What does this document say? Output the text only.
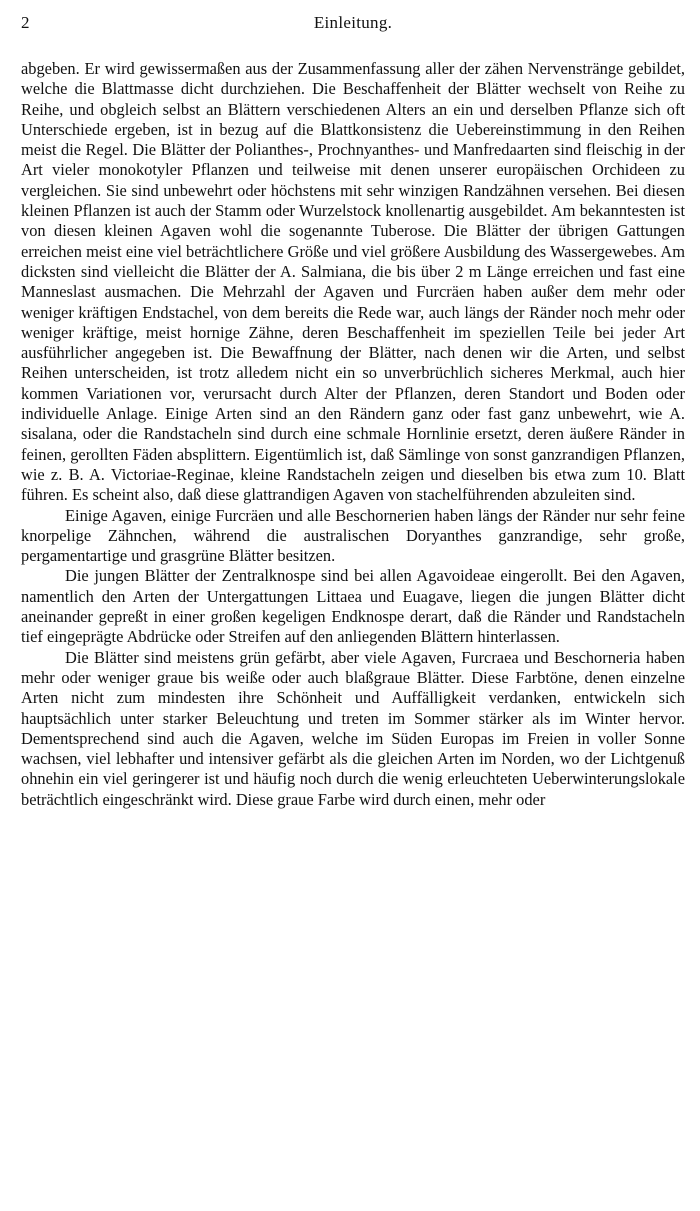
2	Einleitung.

abgeben. Er wird gewissermaßen aus der Zusammenfassung aller der zähen Nervenstränge gebildet, welche die Blattmasse dicht durchziehen. Die Beschaffenheit der Blätter wechselt von Reihe zu Reihe, und obgleich selbst an Blättern verschiedenen Alters an ein und derselben Pflanze sich oft Unterschiede ergeben, ist in bezug auf die Blattkonsistenz die Uebereinstimmung in den Reihen meist die Regel. Die Blätter der Polianthes-, Prochnyanthes- und Manfredaarten sind fleischig in der Art vieler monokotyler Pflanzen und teilweise mit denen unserer europäischen Orchideen zu vergleichen. Sie sind unbewehrt oder höchstens mit sehr winzigen Randzähnen versehen. Bei diesen kleinen Pflanzen ist auch der Stamm oder Wurzelstock knollenartig ausgebildet. Am bekanntesten ist von diesen kleinen Agaven wohl die sogenannte Tuberose. Die Blätter der übrigen Gattungen erreichen meist eine viel beträchtlichere Größe und viel größere Ausbildung des Wassergewebes. Am dicksten sind vielleicht die Blätter der A. Salmiana, die bis über 2 m Länge erreichen und fast eine Manneslast ausmachen. Die Mehrzahl der Agaven und Furcräen haben außer dem mehr oder weniger kräftigen Endstachel, von dem bereits die Rede war, auch längs der Ränder noch mehr oder weniger kräftige, meist hornige Zähne, deren Beschaffenheit im speziellen Teile bei jeder Art ausführlicher angegeben ist. Die Bewaffnung der Blätter, nach denen wir die Arten, und selbst Reihen unterscheiden, ist trotz alledem nicht ein so unverbrüchlich sicheres Merkmal, auch hier kommen Variationen vor, verursacht durch Alter der Pflanzen, deren Standort und Boden oder individuelle Anlage. Einige Arten sind an den Rändern ganz oder fast ganz unbewehrt, wie A. sisalana, oder die Randstacheln sind durch eine schmale Hornlinie ersetzt, deren äußere Ränder in feinen, gerollten Fäden absplittern. Eigentümlich ist, daß Sämlinge von sonst ganzrandigen Pflanzen, wie z. B. A. Victoriae-Reginae, kleine Randstacheln zeigen und dieselben bis etwa zum 10. Blatt führen. Es scheint also, daß diese glattrandigen Agaven von stachelführenden abzuleiten sind.

Einige Agaven, einige Furcräen und alle Beschornerien haben längs der Ränder nur sehr feine knorpelige Zähnchen, während die australischen Doryanthes ganzrandige, sehr große, pergamentartige und grasgrüne Blätter besitzen.

Die jungen Blätter der Zentralknospe sind bei allen Agavoideae eingerollt. Bei den Agaven, namentlich den Arten der Untergattungen Littaea und Euagave, liegen die jungen Blätter dicht aneinander gepreßt in einer großen kegeligen Endknospe derart, daß die Ränder und Randstacheln tief eingeprägte Abdrücke oder Streifen auf den anliegenden Blättern hinterlassen.

Die Blätter sind meistens grün gefärbt, aber viele Agaven, Furcraea und Beschorneria haben mehr oder weniger graue bis weiße oder auch blaßgraue Blätter. Diese Farbtöne, denen einzelne Arten nicht zum mindesten ihre Schönheit und Auffälligkeit verdanken, entwickeln sich hauptsächlich unter starker Beleuchtung und treten im Sommer stärker als im Winter hervor. Dementsprechend sind auch die Agaven, welche im Süden Europas im Freien in voller Sonne wachsen, viel lebhafter und intensiver gefärbt als die gleichen Arten im Norden, wo der Lichtgenuß ohnehin ein viel geringerer ist und häufig noch durch die wenig erleuchteten Ueberwinterungslokale beträchtlich eingeschränkt wird. Diese graue Farbe wird durch einen, mehr oder
